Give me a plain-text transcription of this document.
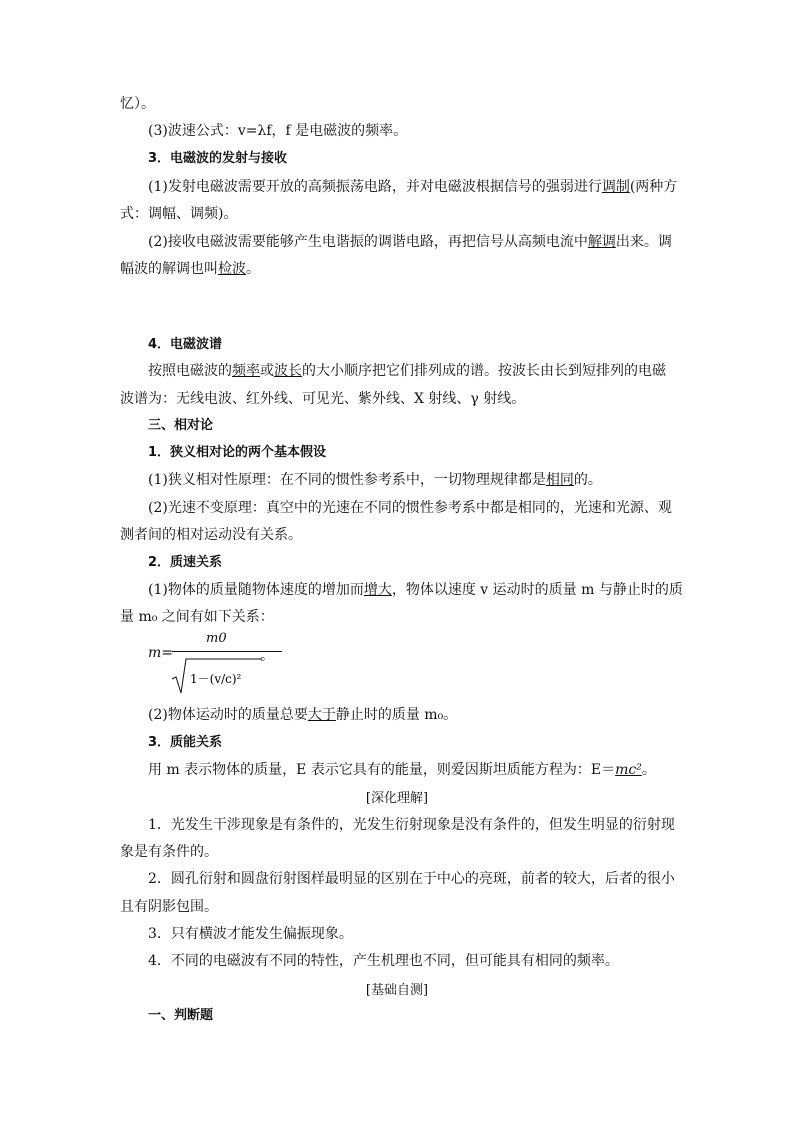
忆）。
(3)波速公式：v=λf，f 是电磁波的频率。
3．电磁波的发射与接收
(1)发射电磁波需要开放的高频振荡电路，并对电磁波根据信号的强弱进行调制(两种方
式：调幅、调频)。
(2)接收电磁波需要能够产生电谐振的调谐电路，再把信号从高频电流中解调出来。调
幅波的解调也叫检波。
4．电磁波谱
按照电磁波的频率或波长的大小顺序把它们排列成的谱。按波长由长到短排列的电磁
波谱为：无线电波、红外线、可见光、紫外线、X 射线、γ 射线。
三、相对论
1．狭义相对论的两个基本假设
(1)狭义相对性原理：在不同的惯性参考系中，一切物理规律都是相同的。
(2)光速不变原理：真空中的光速在不同的惯性参考系中都是相同的，光速和光源、观
测者间的相对运动没有关系。
2．质速关系
(1)物体的质量随物体速度的增加而增大，物体以速度 v 运动时的质量 m 与静止时的质
量 m₀ 之间有如下关系：
m=
m0
1－(v/c)²
。
(2)物体运动时的质量总要大于静止时的质量 m₀。
3．质能关系
用 m 表示物体的质量，E 表示它具有的能量，则爱因斯坦质能方程为：E＝mc²。
[深化理解]
1．光发生干涉现象是有条件的，光发生衍射现象是没有条件的，但发生明显的衍射现
象是有条件的。
2．圆孔衍射和圆盘衍射图样最明显的区别在于中心的亮斑，前者的较大，后者的很小
且有阴影包围。
3．只有横波才能发生偏振现象。
4．不同的电磁波有不同的特性，产生机理也不同，但可能具有相同的频率。
[基础自测]
一、判断题
